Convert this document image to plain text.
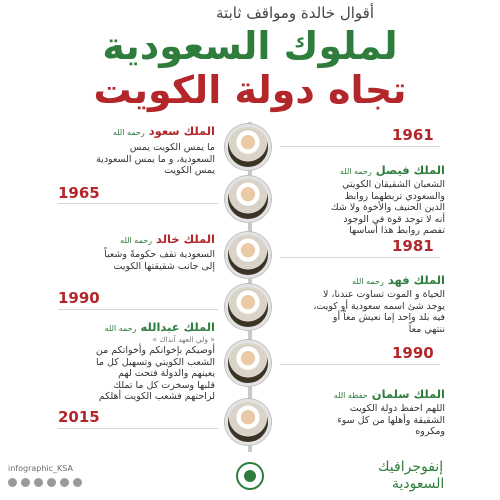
أقوال خالدة ومواقف ثابتة
لملوك السعودية
تجاه دولة الكويت
1961
الملك سعود رحمه الله
ما يمس الكويت يمس
السعودية، و ما يمس السعودية
يمس الكويت
1965
الملك فيصل رحمه الله
الشعبان الشقيقان الكويتي
والسعودي تربطهما روابط
الدين الحنيف والأخوة ولا شك
أنه لا توجد قوة في الوجود
تفصم روابط هذا أساسها
1981
الملك خالد رحمه الله
السعودية تقف حكومةً وشعباً
إلى جانب شقيقتها الكويت
1990
الملك فهد رحمه الله
الحياة و الموت تساوت عندنا، لا
يوجد شئ اسمه سعودية أو كويت،
فيه بلد واحد إما نعيش معاً أو
ننتهي معاً
1990
الملك عبدالله رحمه الله
« ولي العهد آنذاك »
أوصيكم بإخوانكم وأخواتكم من
الشعب الكويتي وتسهيل كل ما
يعينهم والدولة فتحت لهم
قلبها وسخرت كل ما تملك
لراحتهم فشعب الكويت أهلكم
2015
الملك سلمان حفظه الله
اللهم احفظ دولة الكويت
الشقيقة وأهلها من كل سوء
ومكروه
infographic_KSA	إنفوجرافيك
السعودية
